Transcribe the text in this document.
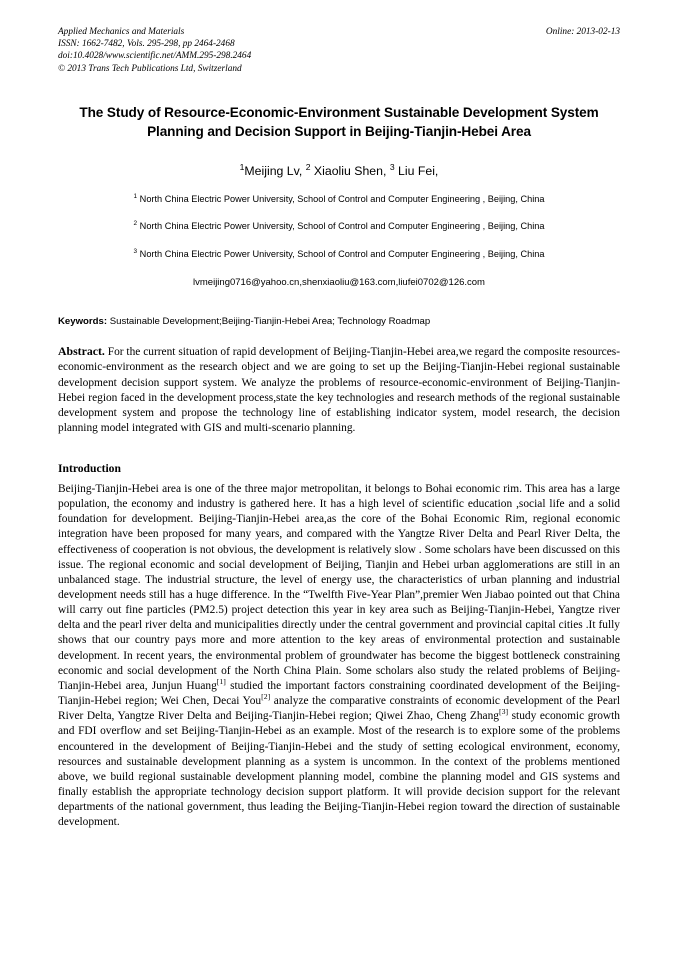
Applied Mechanics and Materials
ISSN: 1662-7482, Vols. 295-298, pp 2464-2468
doi:10.4028/www.scientific.net/AMM.295-298.2464
© 2013 Trans Tech Publications Ltd, Switzerland
Online: 2013-02-13
The Study of Resource-Economic-Environment Sustainable Development System Planning and Decision Support in Beijing-Tianjin-Hebei Area
$^1$Meijing Lv, $^2$ Xiaoliu Shen, $^3$ Liu Fei,
$^1$ North China Electric Power University, School of Control and Computer Engineering , Beijing, China
$^2$ North China Electric Power University, School of Control and Computer Engineering , Beijing, China
$^3$ North China Electric Power University, School of Control and Computer Engineering , Beijing, China
lvmeijing0716@yahoo.cn,shenxiaoliu@163.com,liufei0702@126.com
Keywords: Sustainable Development;Beijing-Tianjin-Hebei Area; Technology Roadmap
Abstract. For the current situation of rapid development of Beijing-Tianjin-Hebei area,we regard the composite resources-economic-environment as the research object and we are going to set up the Beijing-Tianjin-Hebei regional sustainable development decision support system. We analyze the problems of resource-economic-environment of Beijing-Tianjin-Hebei region faced in the development process,state the key technologies and research methods of the regional sustainable development system and propose the technology line of establishing indicator system, model research, the decision planning model integrated with GIS and multi-scenario planning.
Introduction
Beijing-Tianjin-Hebei area is one of the three major metropolitan, it belongs to Bohai economic rim. This area has a large population, the economy and industry is gathered here. It has a high level of scientific education ,social life and a solid foundation for development. Beijing-Tianjin-Hebei area,as the core of the Bohai Economic Rim, regional economic integration have been proposed for many years, and compared with the Yangtze River Delta and Pearl River Delta, the effectiveness of cooperation is not obvious, the development is relatively slow . Some scholars have been discussed on this issue. The regional economic and social development of Beijing, Tianjin and Hebei urban agglomerations are still in an unbalanced stage. The industrial structure, the level of energy use, the characteristics of urban planning and industrial development needs still has a huge difference. In the “Twelfth Five-Year Plan”,premier Wen Jiabao pointed out that China will carry out fine particles (PM2.5) project detection this year in key area such as Beijing-Tianjin-Hebei, Yangtze river delta and the pearl river delta and municipalities directly under the central government and provincial capital cities .It fully shows that our country pays more and more attention to the key areas of environmental protection and sustainable development. In recent years, the environmental problem of groundwater has become the biggest bottleneck constraining economic and social development of the North China Plain. Some scholars also study the related problems of Beijing-Tianjin-Hebei area, Junjun Huang[1] studied the important factors constraining coordinated development of the Beijing-Tianjin-Hebei region; Wei Chen, Decai You[2] analyze the comparative constraints of economic development of the Pearl River Delta, Yangtze River Delta and Beijing-Tianjin-Hebei region; Qiwei Zhao, Cheng Zhang[3] study economic growth and FDI overflow and set Beijing-Tianjin-Hebei as an example. Most of the research is to explore some of the problems encountered in the development of Beijing-Tianjin-Hebei and the study of setting ecological environment, economy, resources and sustainable development planning as a system is uncommon. In the context of the problems mentioned above, we build regional sustainable development planning model, combine the planning model and GIS systems and finally establish the appropriate technology decision support platform. It will provide decision support for the relevant departments of the national government, thus leading the Beijing-Tianjin-Hebei region toward the direction of sustainable development.
